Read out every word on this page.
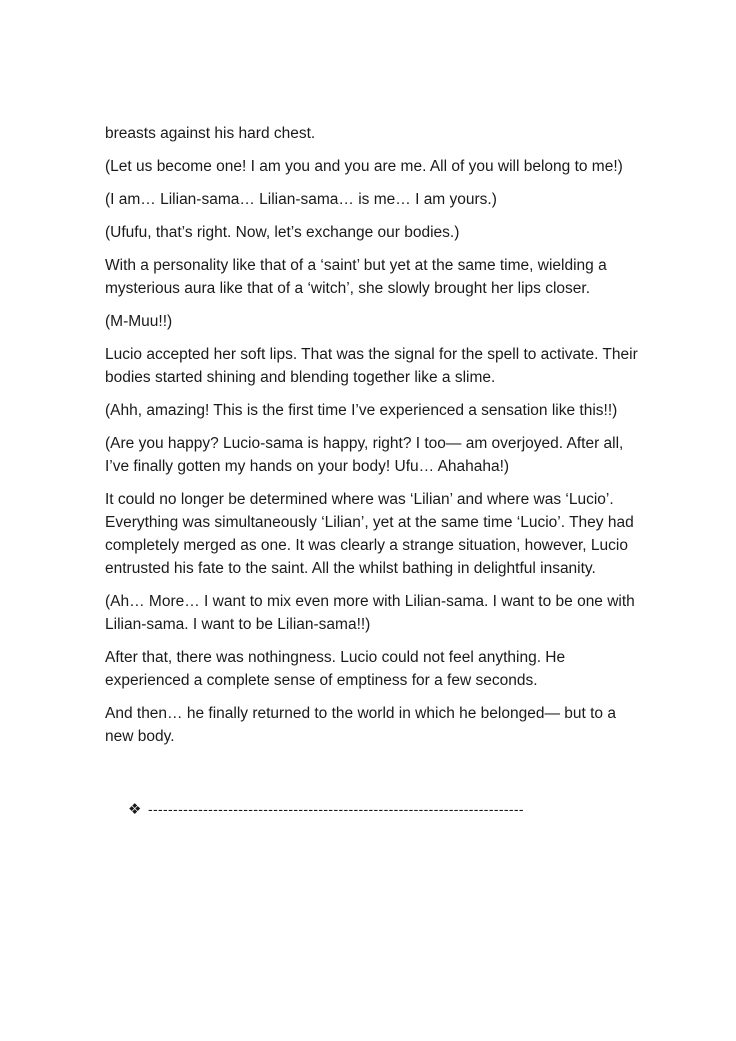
breasts against his hard chest.

(Let us become one! I am you and you are me. All of you will belong to me!)

(I am… Lilian-sama… Lilian-sama… is me… I am yours.)

(Ufufu, that’s right. Now, let’s exchange our bodies.)

With a personality like that of a ‘saint’ but yet at the same time, wielding a mysterious aura like that of a ‘witch’, she slowly brought her lips closer.

(M-Muu!!)

Lucio accepted her soft lips. That was the signal for the spell to activate. Their bodies started shining and blending together like a slime.

(Ahh, amazing! This is the first time I’ve experienced a sensation like this!!)

(Are you happy? Lucio-sama is happy, right? I too— am overjoyed. After all, I’ve finally gotten my hands on your body! Ufu… Ahahaha!)

It could no longer be determined where was ‘Lilian’ and where was ‘Lucio’. Everything was simultaneously ‘Lilian’, yet at the same time ‘Lucio’. They had completely merged as one. It was clearly a strange situation, however, Lucio entrusted his fate to the saint. All the whilst bathing in delightful insanity.

(Ah… More… I want to mix even more with Lilian-sama. I want to be one with Lilian-sama. I want to be Lilian-sama!!)

After that, there was nothingness. Lucio could not feel anything. He experienced a complete sense of emptiness for a few seconds.

And then… he finally returned to the world in which he belonged— but to a new body.

❖ ---------------------------------------------------------------------------
